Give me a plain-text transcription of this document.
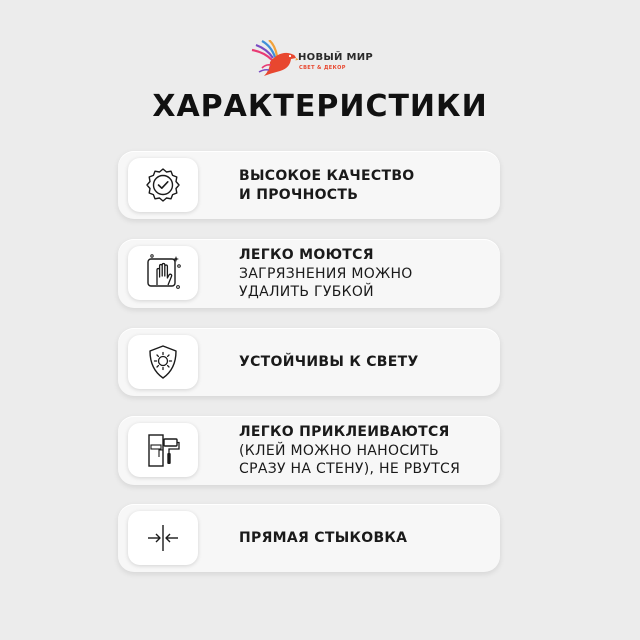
НОВЫЙ МИР
СВЕТ & ДЕКОР
ХАРАКТЕРИСТИКИ
ВЫСОКОЕ КАЧЕСТВО
И ПРОЧНОСТЬ
ЛЕГКО МОЮТСЯ
ЗАГРЯЗНЕНИЯ МОЖНО
УДАЛИТЬ ГУБКОЙ
УСТОЙЧИВЫ К СВЕТУ
ЛЕГКО ПРИКЛЕИВАЮТСЯ
(КЛЕЙ МОЖНО НАНОСИТЬ
СРАЗУ НА СТЕНУ), НЕ РВУТСЯ
ПРЯМАЯ СТЫКОВКА
